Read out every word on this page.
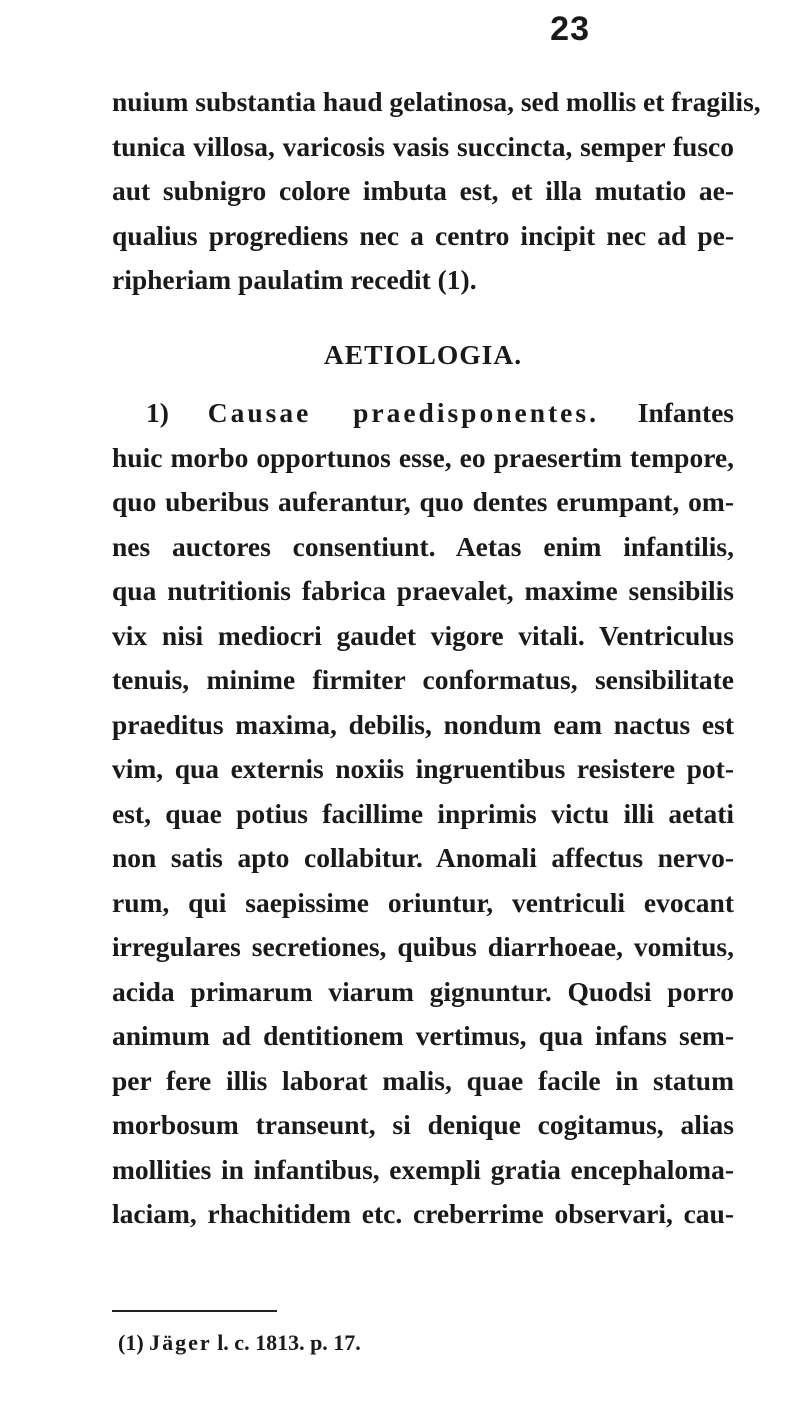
23
nuium substantia haud gelatinosa, sed mollis et fragilis,
tunica villosa, varicosis vasis succincta, semper fusco
aut subnigro colore imbuta est, et illa mutatio ae-
qualius progrediens nec a centro incipit nec ad pe-
ripheriam paulatim recedit (1).
AETIOLOGIA.
1) Causae praedisponentes. Infantes
huic morbo opportunos esse, eo praesertim tempore,
quo uberibus auferantur, quo dentes erumpant, om-
nes auctores consentiunt. Aetas enim infantilis,
qua nutritionis fabrica praevalet, maxime sensibilis
vix nisi mediocri gaudet vigore vitali. Ventriculus
tenuis, minime firmiter conformatus, sensibilitate
praeditus maxima, debilis, nondum eam nactus est
vim, qua externis noxiis ingruentibus resistere pot-
est, quae potius facillime inprimis victu illi aetati
non satis apto collabitur. Anomali affectus nervo-
rum, qui saepissime oriuntur, ventriculi evocant
irregulares secretiones, quibus diarrhoeae, vomitus,
acida primarum viarum gignuntur. Quodsi porro
animum ad dentitionem vertimus, qua infans sem-
per fere illis laborat malis, quae facile in statum
morbosum transeunt, si denique cogitamus, alias
mollities in infantibus, exempli gratia encephaloma-
laciam, rhachitidem etc. creberrime observari, cau-
(1) Jäger l. c. 1813. p. 17.
